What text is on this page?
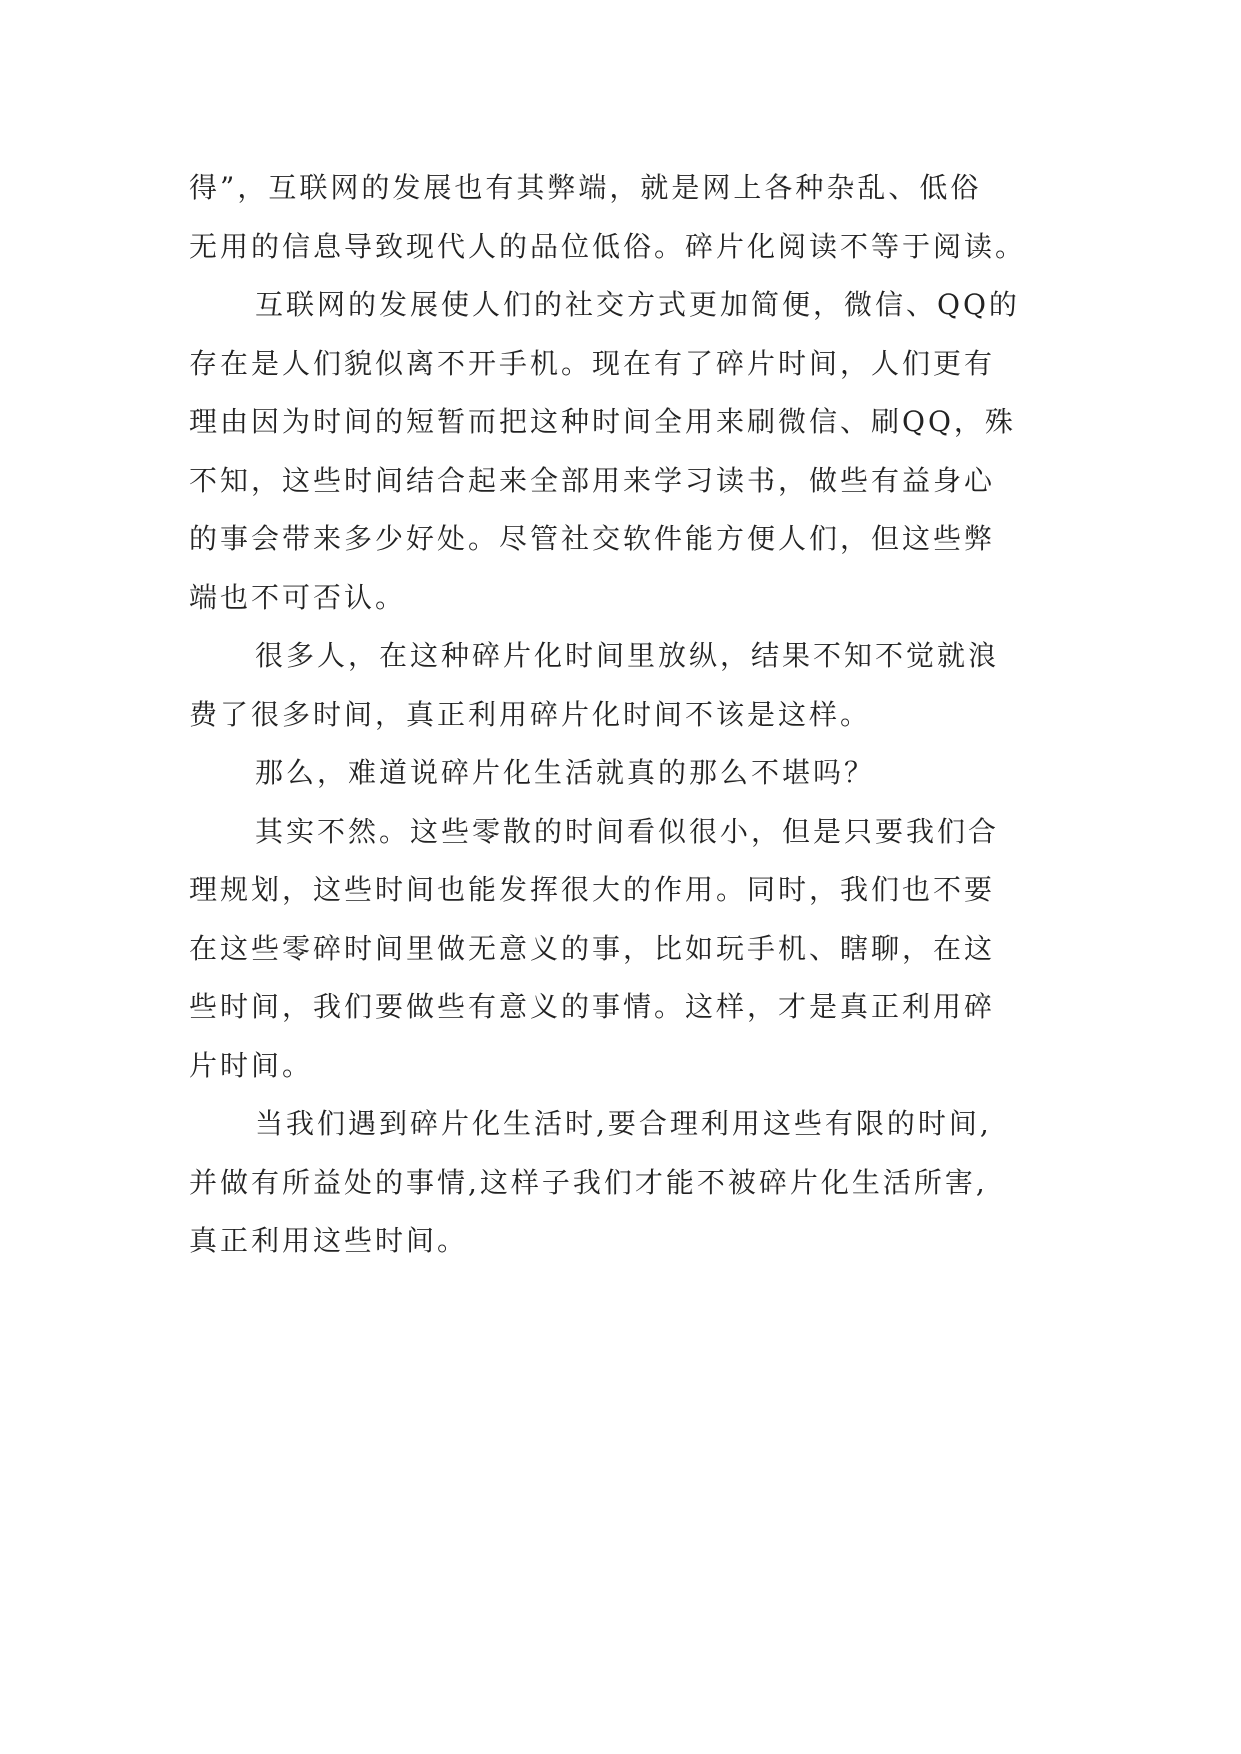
得”，互联网的发展也有其弊端，就是网上各种杂乱、低俗
无用的信息导致现代人的品位低俗。碎片化阅读不等于阅读。
互联网的发展使人们的社交方式更加简便，微信、QQ的
存在是人们貌似离不开手机。现在有了碎片时间，人们更有
理由因为时间的短暂而把这种时间全用来刷微信、刷QQ，殊
不知，这些时间结合起来全部用来学习读书，做些有益身心
的事会带来多少好处。尽管社交软件能方便人们，但这些弊
端也不可否认。
很多人，在这种碎片化时间里放纵，结果不知不觉就浪
费了很多时间，真正利用碎片化时间不该是这样。
那么，难道说碎片化生活就真的那么不堪吗？
其实不然。这些零散的时间看似很小，但是只要我们合
理规划，这些时间也能发挥很大的作用。同时，我们也不要
在这些零碎时间里做无意义的事，比如玩手机、瞎聊，在这
些时间，我们要做些有意义的事情。这样，才是真正利用碎
片时间。
当我们遇到碎片化生活时,要合理利用这些有限的时间,
并做有所益处的事情,这样子我们才能不被碎片化生活所害,
真正利用这些时间。
